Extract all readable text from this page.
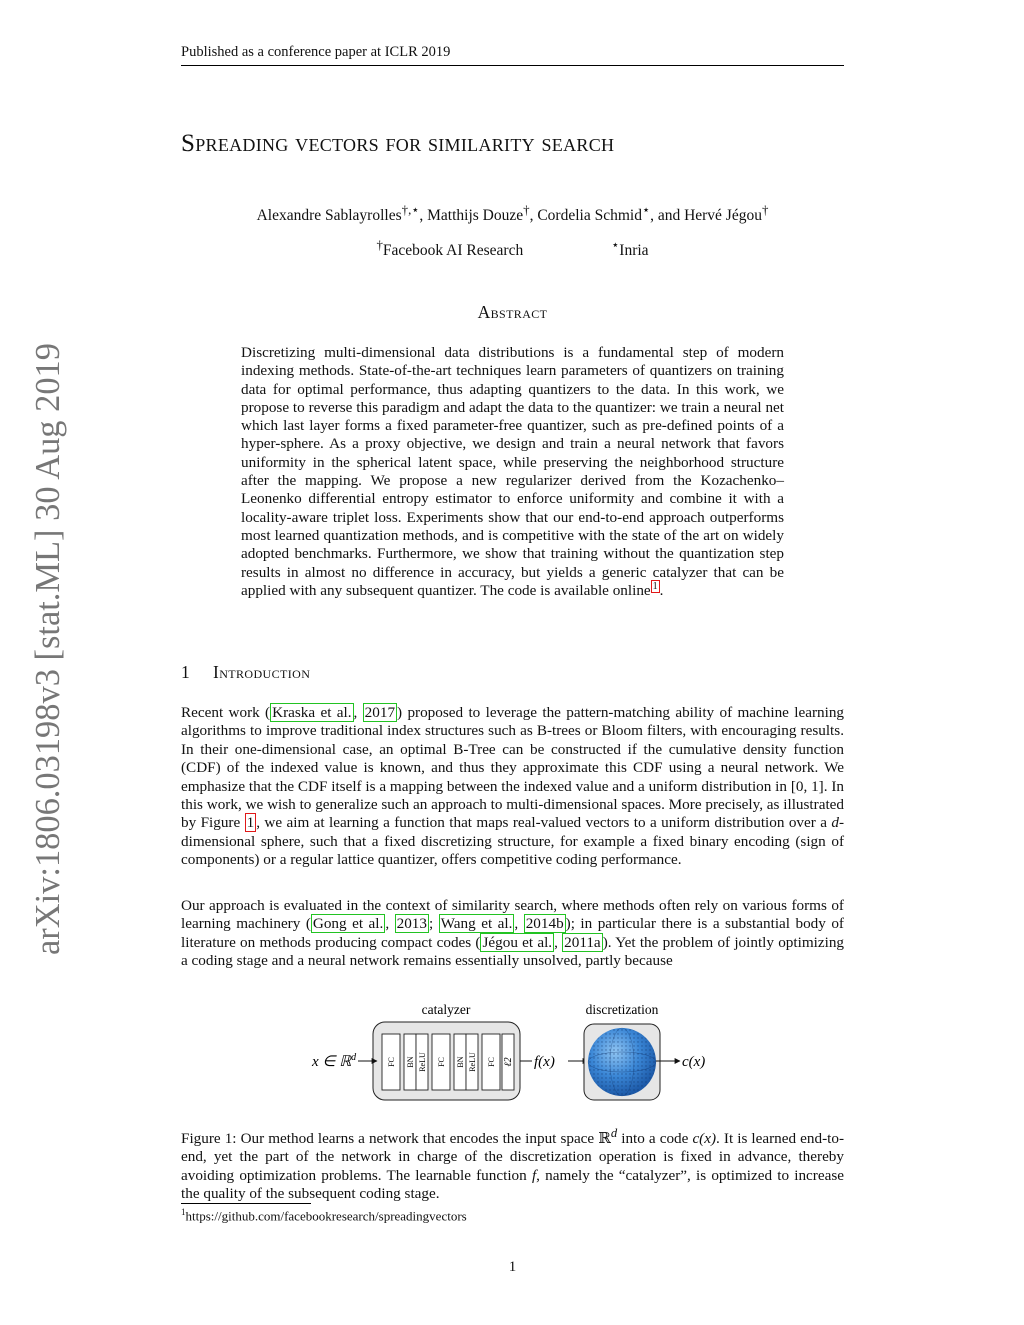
Published as a conference paper at ICLR 2019
Spreading vectors for similarity search
Alexandre Sablayrolles†,⋆, Matthijs Douze†, Cordelia Schmid⋆, and Hervé Jégou†
†Facebook AI Research	⋆Inria
Abstract

Discretizing multi-dimensional data distributions is a fundamental step of modern indexing methods. State-of-the-art techniques learn parameters of quantizers on training data for optimal performance, thus adapting quantizers to the data. In this work, we propose to reverse this paradigm and adapt the data to the quantizer: we train a neural net which last layer forms a fixed parameter-free quantizer, such as pre-defined points of a hyper-sphere. As a proxy objective, we design and train a neural network that favors uniformity in the spherical latent space, while preserving the neighborhood structure after the mapping. We propose a new regularizer derived from the Kozachenko–Leonenko differential entropy estimator to enforce uniformity and combine it with a locality-aware triplet loss. Experiments show that our end-to-end approach outperforms most learned quantization methods, and is competitive with the state of the art on widely adopted benchmarks. Furthermore, we show that training without the quantization step results in almost no difference in accuracy, but yields a generic catalyzer that can be applied with any subsequent quantizer. The code is available online $^1$ .

arXiv:1806.03198v3 [stat.ML] 30 Aug 2019	1 Introduction

Recent work ( Kraska et al. , 2017 ) proposed to leverage the pattern-matching ability of machine learning algorithms to improve traditional index structures such as B-trees or Bloom filters, with encouraging results. In their one-dimensional case, an optimal B-Tree can be constructed if the cumulative density function (CDF) of the indexed value is known, and thus they approximate this CDF using a neural network. We emphasize that the CDF itself is a mapping between the indexed value and a uniform distribution in [0, 1]. In this work, we wish to generalize such an approach to multi-dimensional spaces. More precisely, as illustrated by Figure 1 , we aim at learning a function that maps real-valued vectors to a uniform distribution over a d-dimensional sphere, such that a fixed discretizing structure, for example a fixed binary encoding (sign of components) or a regular lattice quantizer, offers competitive coding performance.

Our approach is evaluated in the context of similarity search, where methods often rely on various forms of learning machinery ( Gong et al. , 2013 ; Wang et al. , 2014b ); in particular there is a substantial body of literature on methods producing compact codes ( Jégou et al. , 2011a ). Yet the problem of jointly optimizing a coding stage and a neural network remains essentially unsolved, partly because

catalyzer	discretization
FC BN ReLU FC BN ReLU FC ℓ2
x ∈ ℝ$^d$	f(x)	c(x)

Figure 1: Our method learns a network that encodes the input space ℝ$^d$ into a code c(x). It is learned end-to-end, yet the part of the network in charge of the discretization operation is fixed in advance, thereby avoiding optimization problems. The learnable function f, namely the “catalyzer”, is optimized to increase the quality of the subsequent coding stage.

$^1$https://github.com/facebookresearch/spreadingvectors
1
